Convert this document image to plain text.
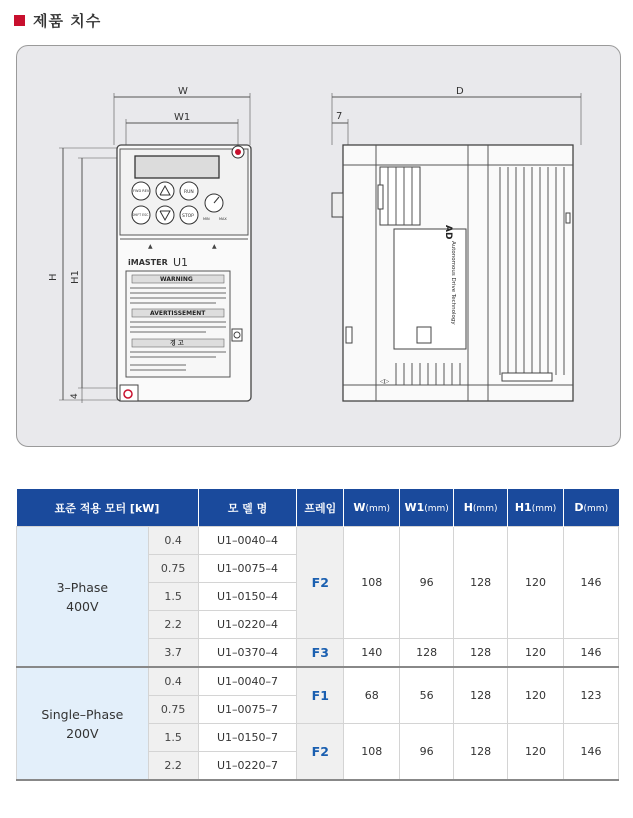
제품 치수
▲	▲
W
W1
H H1
4
iMASTER U1
FWD REV	RUN
SHIFT ESC	STOP	MIN	MAX
WARNING
AVERTISSEMENT
경 고
◁▷
D
7
AD
Autonomous Drive Technology
표준 적용 모터 [kW]		모 델 명	프레임	W(mm)	W1(mm)	H(mm)	H1(mm)	D(mm)
3–Phase
400V	0.4	U1–0040–4	F2	108	96	128	120	146
	0.75	U1–0075–4						
	1.5	U1–0150–4						
	2.2	U1–0220–4						
	3.7	U1–0370–4	F3	140	128	128	120	146
Single–Phase
200V	0.4	U1–0040–7	F1	68	56	128	120	123
	0.75	U1–0075–7						
	1.5	U1–0150–7	F2	108	96	128	120	146
	2.2	U1–0220–7						
